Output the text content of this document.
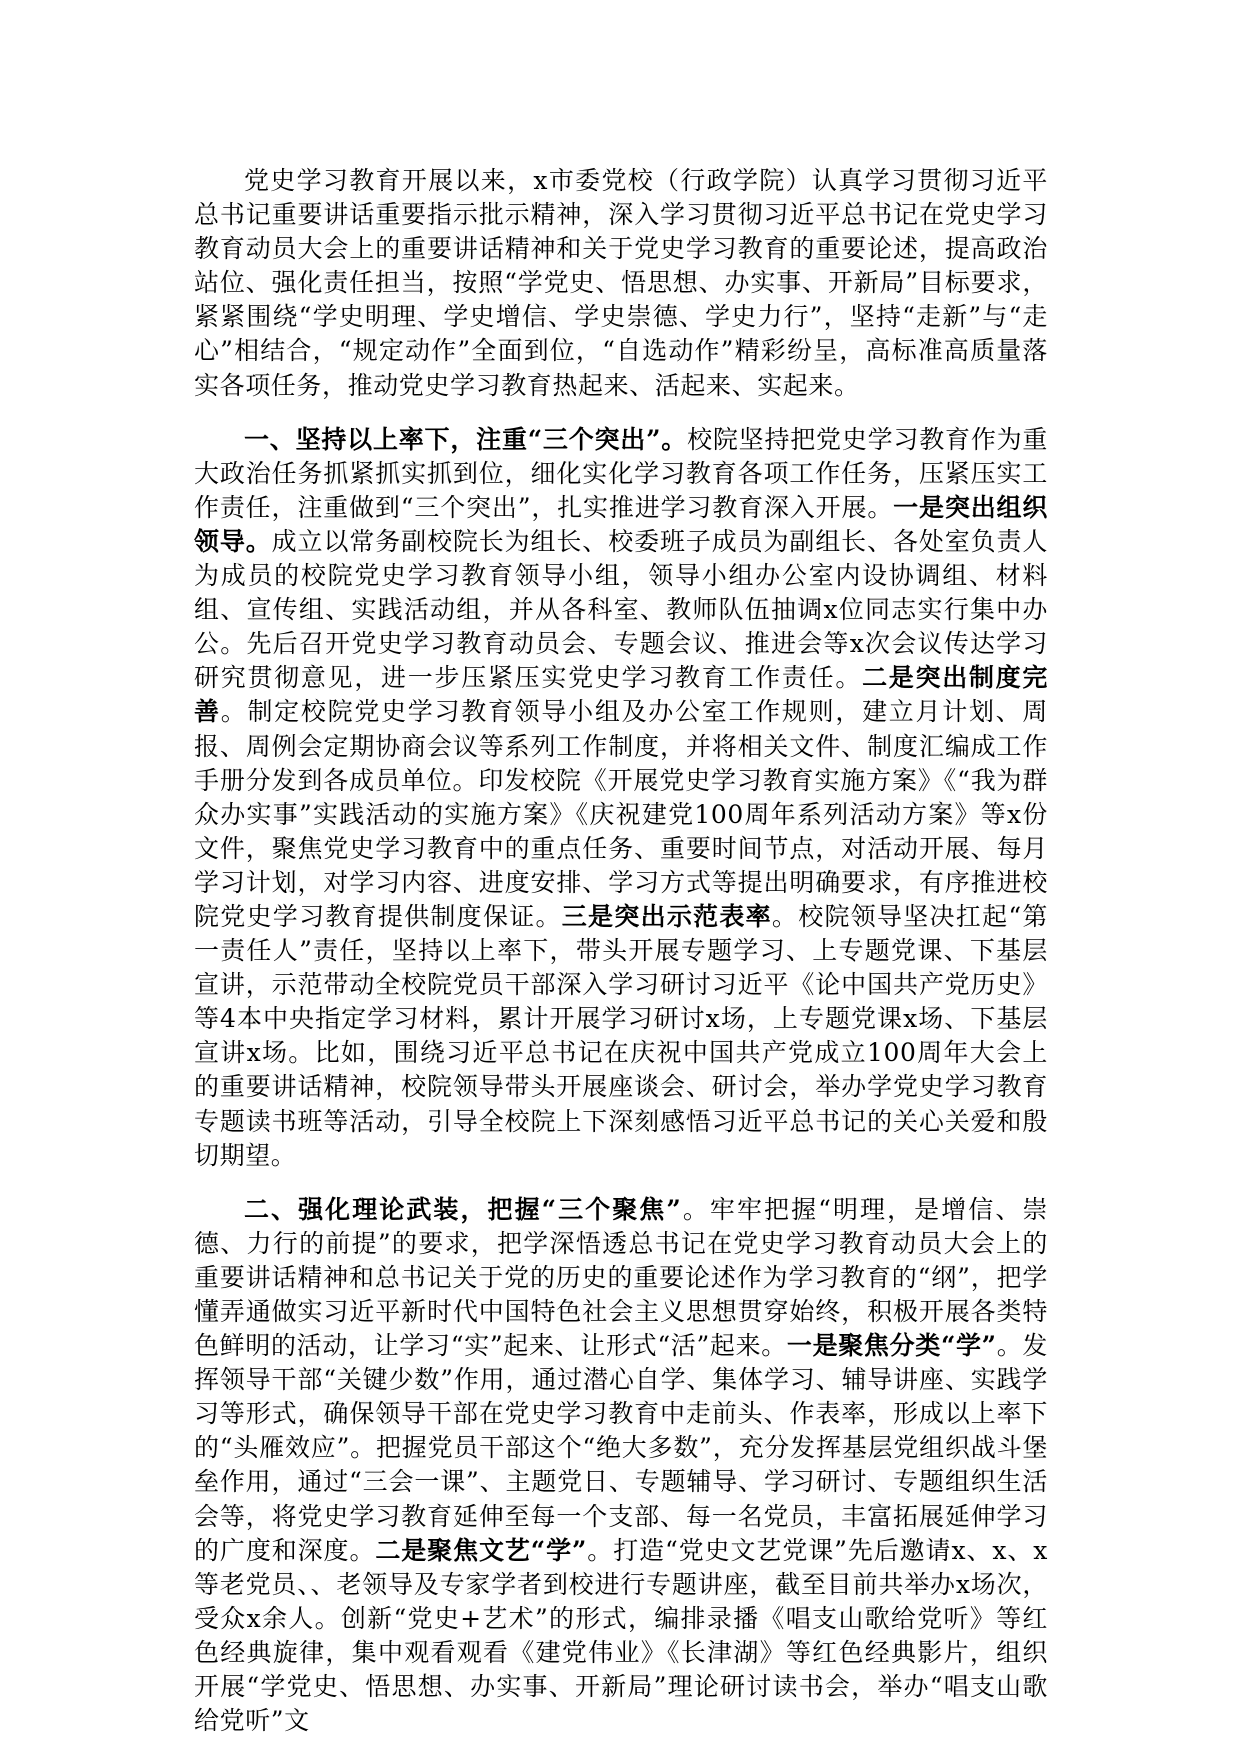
党史学习教育开展以来，x市委党校（行政学院）认真学习贯彻习近平总书记重要讲话重要指示批示精神，深入学习贯彻习近平总书记在党史学习教育动员大会上的重要讲话精神和关于党史学习教育的重要论述，提高政治站位、强化责任担当，按照“学党史、悟思想、办实事、开新局”目标要求，紧紧围绕“学史明理、学史增信、学史崇德、学史力行”，坚持“走新”与“走心”相结合，“规定动作”全面到位，“自选动作”精彩纷呈，高标准高质量落实各项任务，推动党史学习教育热起来、活起来、实起来。

一、坚持以上率下，注重“三个突出”。校院坚持把党史学习教育作为重大政治任务抓紧抓实抓到位，细化实化学习教育各项工作任务，压紧压实工作责任，注重做到“三个突出”，扎实推进学习教育深入开展。一是突出组织领导。成立以常务副校院长为组长、校委班子成员为副组长、各处室负责人为成员的校院党史学习教育领导小组，领导小组办公室内设协调组、材料组、宣传组、实践活动组，并从各科室、教师队伍抽调x位同志实行集中办公。先后召开党史学习教育动员会、专题会议、推进会等x次会议传达学习研究贯彻意见，进一步压紧压实党史学习教育工作责任。二是突出制度完善。制定校院党史学习教育领导小组及办公室工作规则，建立月计划、周报、周例会定期协商会议等系列工作制度，并将相关文件、制度汇编成工作手册分发到各成员单位。印发校院《开展党史学习教育实施方案》《“我为群众办实事”实践活动的实施方案》《庆祝建党100周年系列活动方案》等x份文件，聚焦党史学习教育中的重点任务、重要时间节点，对活动开展、每月学习计划，对学习内容、进度安排、学习方式等提出明确要求，有序推进校院党史学习教育提供制度保证。三是突出示范表率。校院领导坚决扛起“第一责任人”责任，坚持以上率下，带头开展专题学习、上专题党课、下基层宣讲，示范带动全校院党员干部深入学习研讨习近平《论中国共产党历史》等4本中央指定学习材料，累计开展学习研讨x场，上专题党课x场、下基层宣讲x场。比如，围绕习近平总书记在庆祝中国共产党成立100周年大会上的重要讲话精神，校院领导带头开展座谈会、研讨会，举办学党史学习教育专题读书班等活动，引导全校院上下深刻感悟习近平总书记的关心关爱和殷切期望。

二、强化理论武装，把握“三个聚焦”。牢牢把握“明理，是增信、崇德、力行的前提”的要求，把学深悟透总书记在党史学习教育动员大会上的重要讲话精神和总书记关于党的历史的重要论述作为学习教育的“纲”，把学懂弄通做实习近平新时代中国特色社会主义思想贯穿始终，积极开展各类特色鲜明的活动，让学习“实”起来、让形式“活”起来。一是聚焦分类“学”。发挥领导干部“关键少数”作用，通过潜心自学、集体学习、辅导讲座、实践学习等形式，确保领导干部在党史学习教育中走前头、作表率，形成以上率下的“头雁效应”。把握党员干部这个“绝大多数”，充分发挥基层党组织战斗堡垒作用，通过“三会一课”、主题党日、专题辅导、学习研讨、专题组织生活会等，将党史学习教育延伸至每一个支部、每一名党员，丰富拓展延伸学习的广度和深度。二是聚焦文艺“学”。打造“党史文艺党课”先后邀请x、x、x等老党员、、老领导及专家学者到校进行专题讲座，截至目前共举办x场次，受众x余人。创新“党史+艺术”的形式，编排录播《唱支山歌给党听》等红色经典旋律，集中观看观看《建党伟业》《长津湖》等红色经典影片，组织开展“学党史、悟思想、办实事、开新局”理论研讨读书会，举办“唱支山歌给党听”文
